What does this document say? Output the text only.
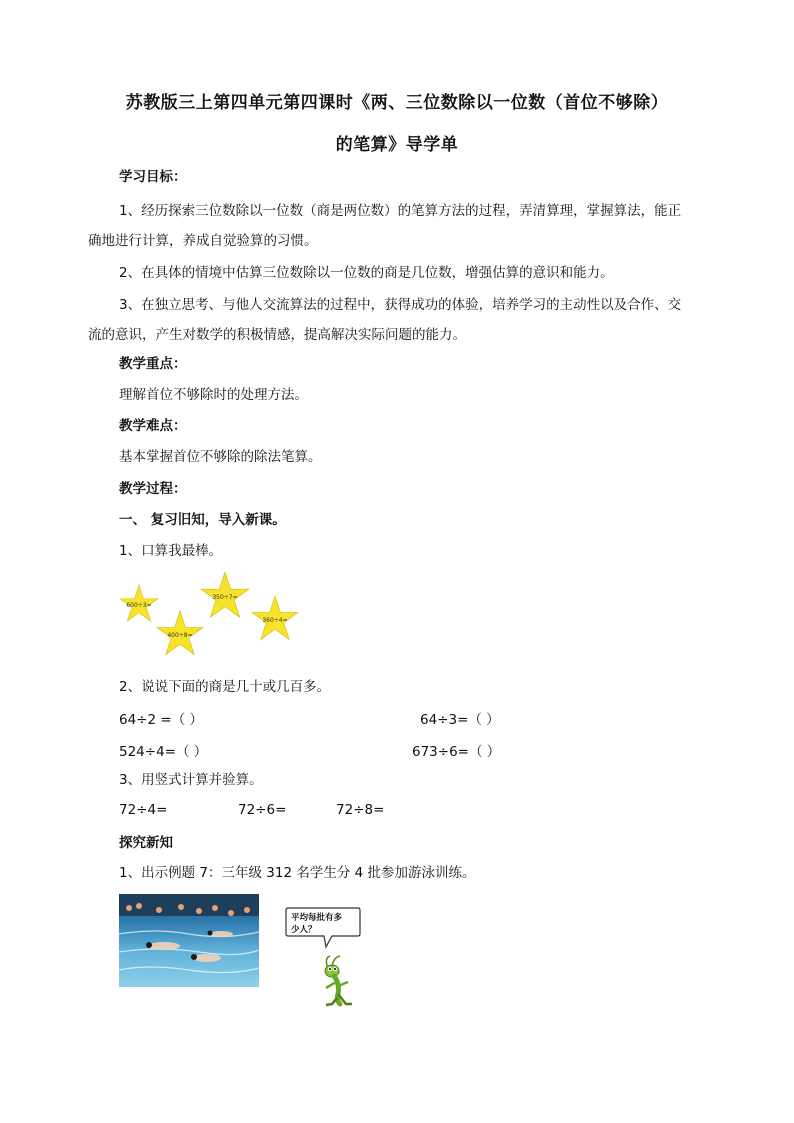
苏教版三上第四单元第四课时《两、三位数除以一位数（首位不够除）
的笔算》导学单
学习目标：
1、经历探索三位数除以一位数（商是两位数）的笔算方法的过程，弄清算理，掌握算法，能正
确地进行计算，养成自觉验算的习惯。
2、在具体的情境中估算三位数除以一位数的商是几位数，增强估算的意识和能力。
3、在独立思考、与他人交流算法的过程中，获得成功的体验，培养学习的主动性以及合作、交
流的意识，产生对数学的积极情感，提高解决实际问题的能力。
教学重点：
理解首位不够除时的处理方法。
教学难点：
基本掌握首位不够除的除法笔算。
教学过程：
一、 复习旧知，导入新课。
1、口算我最棒。
600÷3=
350÷7=
400÷8=
360÷4=
2、说说下面的商是几十或几百多。
64÷2 =（ ）	64÷3=（ ）
524÷4=（ ）	673÷6=（ ）
3、用竖式计算并验算。
72÷4=	72÷6=	72÷8=
探究新知
1、出示例题 7：三年级 312 名学生分 4 批参加游泳训练。
平均每批有多
少人？
